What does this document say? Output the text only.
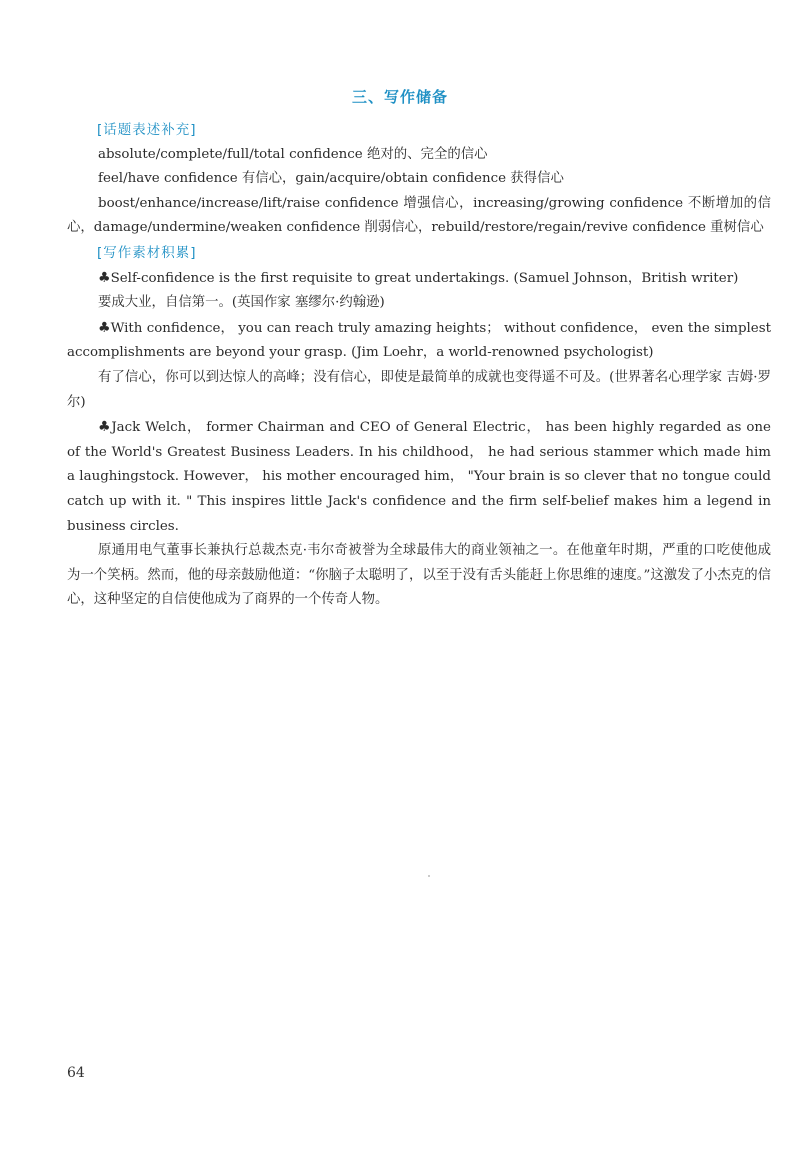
三、写作储备
[话题表述补充]
absolute/complete/full/total confidence 绝对的、完全的信心
feel/have confidence 有信心，gain/acquire/obtain confidence 获得信心
boost/enhance/increase/lift/raise confidence 增强信心，increasing/growing confidence 不断增加的信心，damage/undermine/weaken confidence 削弱信心，rebuild/restore/regain/revive confidence 重树信心
[写作素材积累]
♣Self-confidence is the first requisite to great undertakings. (Samuel Johnson，British writer)
要成大业，自信第一。(英国作家 塞缪尔·约翰逊)
♣With confidence， you can reach truly amazing heights； without confidence， even the simplest accomplishments are beyond your grasp. (Jim Loehr，a world-renowned psychologist)
有了信心，你可以到达惊人的高峰；没有信心，即使是最简单的成就也变得遥不可及。(世界著名心理学家 吉姆·罗尔)
♣Jack Welch， former Chairman and CEO of General Electric， has been highly regarded as one of the World's Greatest Business Leaders. In his childhood， he had serious stammer which made him a laughingstock. However， his mother encouraged him， "Your brain is so clever that no tongue could catch up with it. " This inspires little Jack's confidence and the firm self-belief makes him a legend in business circles.
原通用电气董事长兼执行总裁杰克·韦尔奇被誉为全球最伟大的商业领袖之一。在他童年时期，严重的口吃使他成为一个笑柄。然而，他的母亲鼓励他道：“你脑子太聪明了，以至于没有舌头能赶上你思维的速度。”这激发了小杰克的信心，这种坚定的自信使他成为了商界的一个传奇人物。
64
